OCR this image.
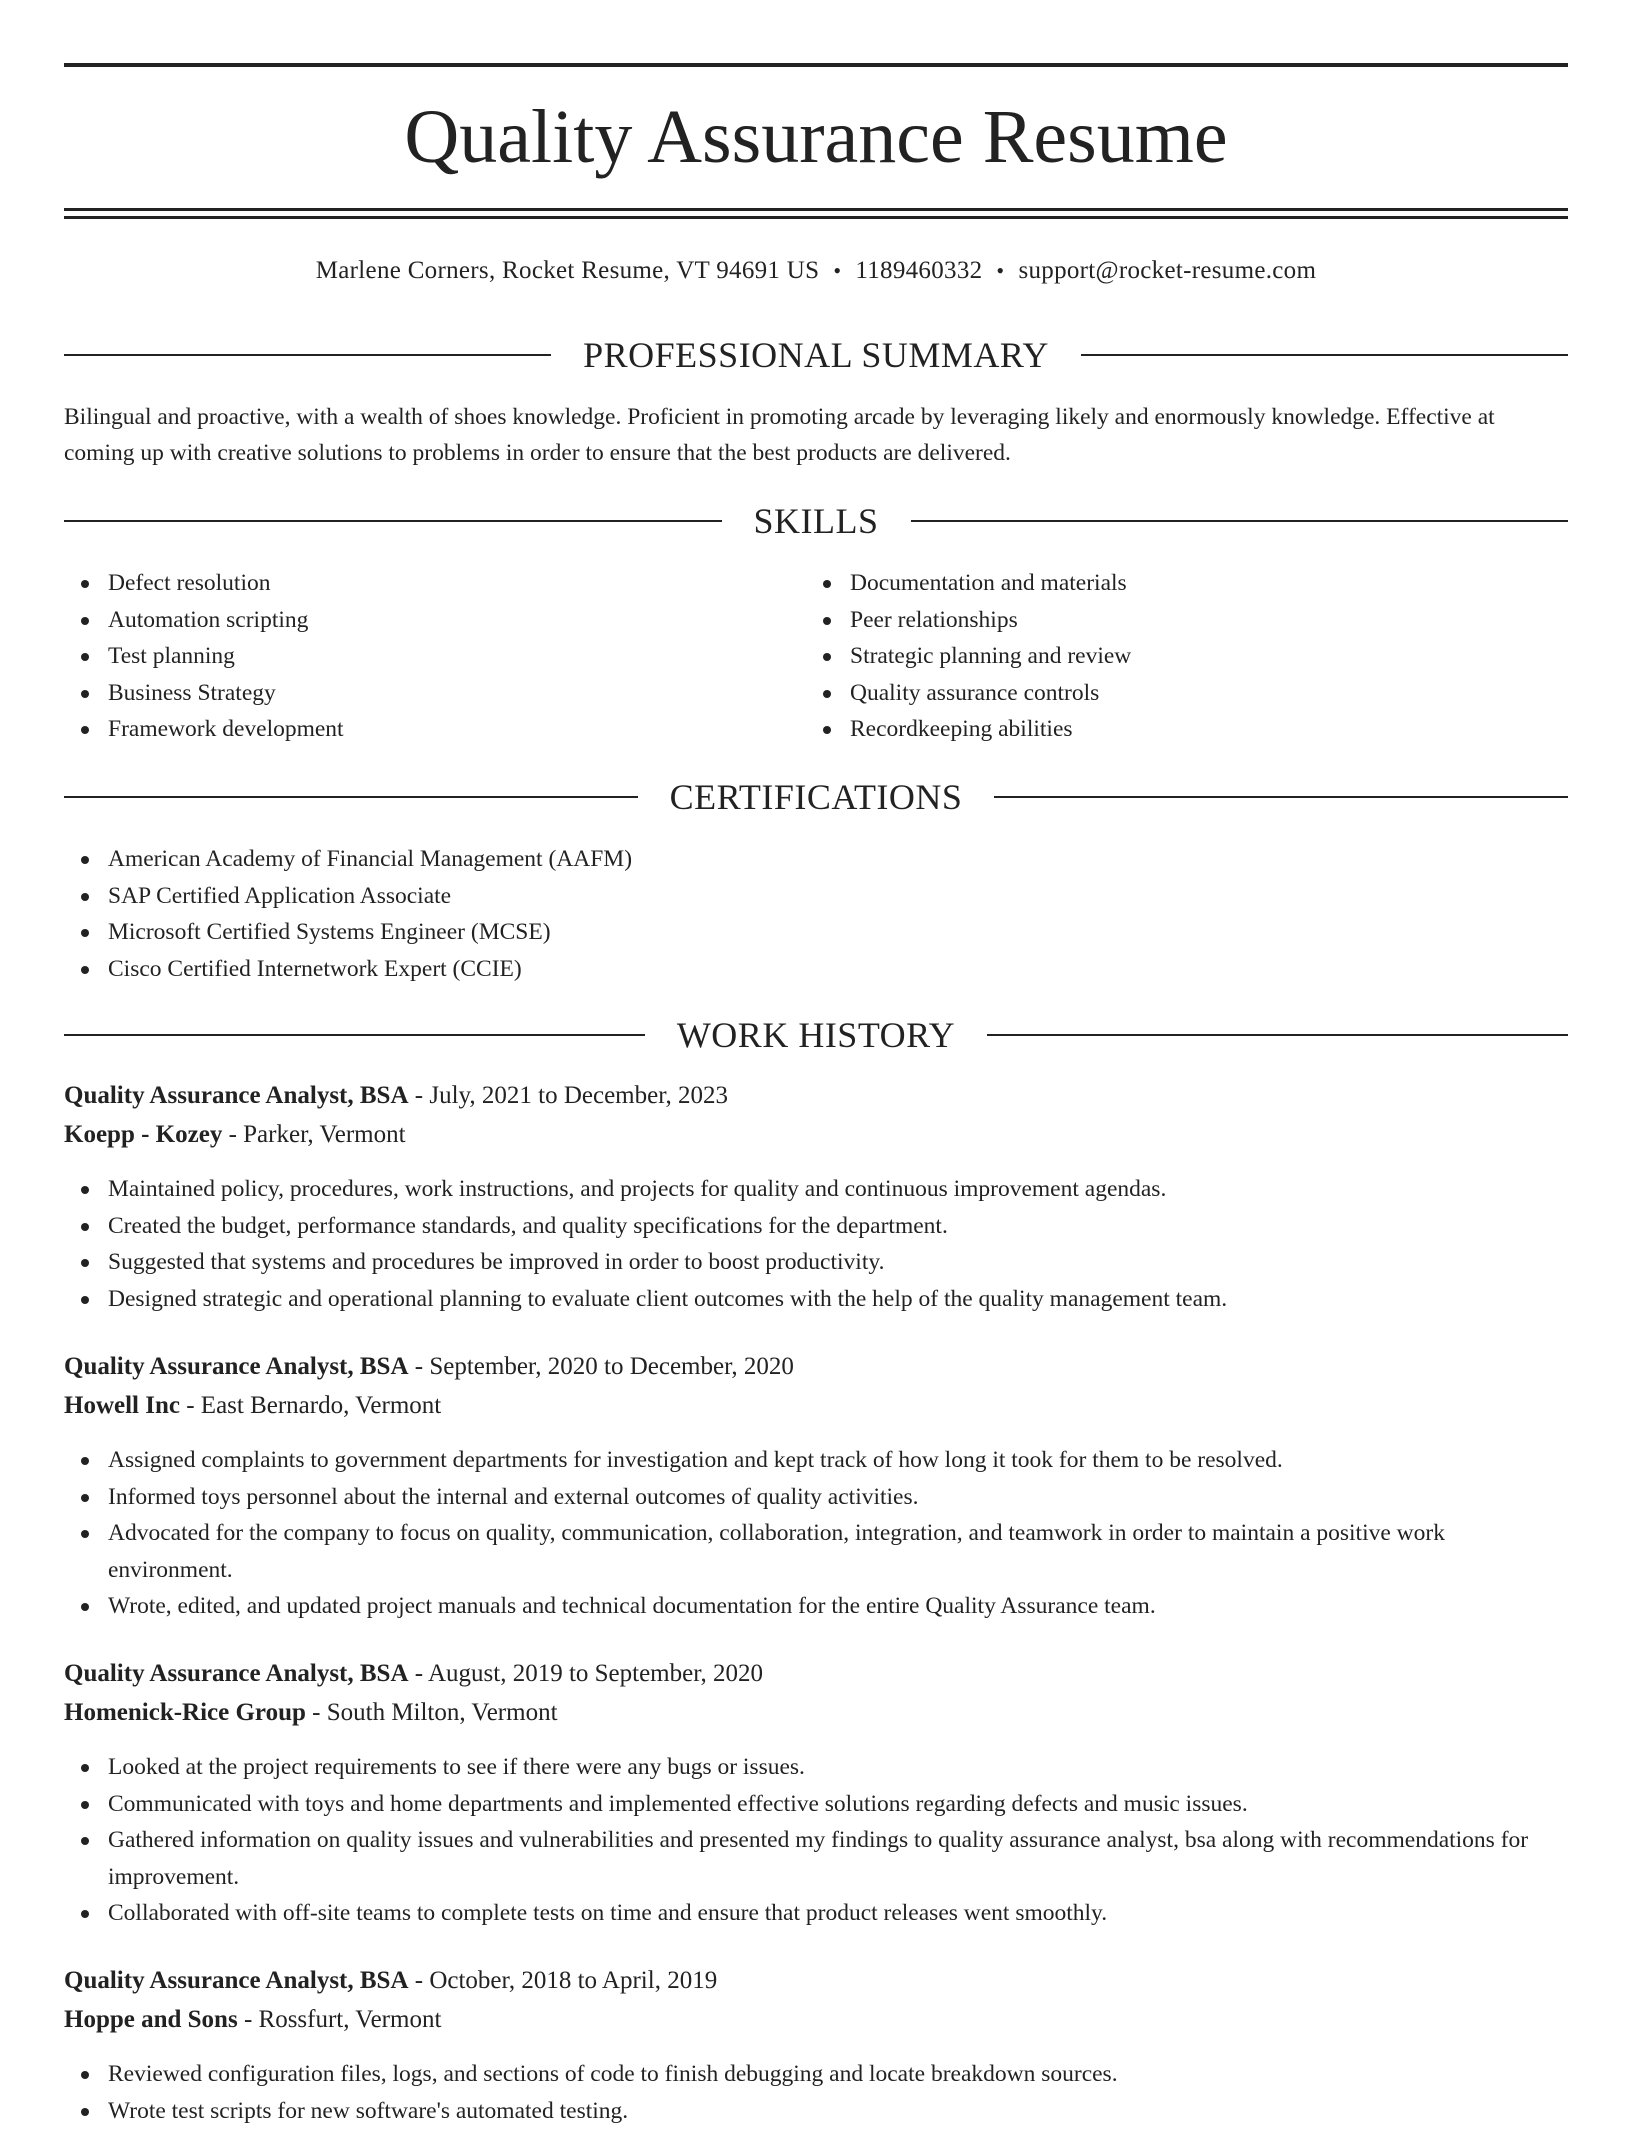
Quality Assurance Resume
Marlene Corners, Rocket Resume, VT 94691 US • 1189460332 • support@rocket-resume.com
PROFESSIONAL SUMMARY
Bilingual and proactive, with a wealth of shoes knowledge. Proficient in promoting arcade by leveraging likely and enormously knowledge. Effective at coming up with creative solutions to problems in order to ensure that the best products are delivered.
SKILLS
Defect resolution
Automation scripting
Test planning
Business Strategy
Framework development
Documentation and materials
Peer relationships
Strategic planning and review
Quality assurance controls
Recordkeeping abilities
CERTIFICATIONS
American Academy of Financial Management (AAFM)
SAP Certified Application Associate
Microsoft Certified Systems Engineer (MCSE)
Cisco Certified Internetwork Expert (CCIE)
WORK HISTORY
Quality Assurance Analyst, BSA - July, 2021 to December, 2023
Koepp - Kozey - Parker, Vermont
Maintained policy, procedures, work instructions, and projects for quality and continuous improvement agendas.
Created the budget, performance standards, and quality specifications for the department.
Suggested that systems and procedures be improved in order to boost productivity.
Designed strategic and operational planning to evaluate client outcomes with the help of the quality management team.
Quality Assurance Analyst, BSA - September, 2020 to December, 2020
Howell Inc - East Bernardo, Vermont
Assigned complaints to government departments for investigation and kept track of how long it took for them to be resolved.
Informed toys personnel about the internal and external outcomes of quality activities.
Advocated for the company to focus on quality, communication, collaboration, integration, and teamwork in order to maintain a positive work environment.
Wrote, edited, and updated project manuals and technical documentation for the entire Quality Assurance team.
Quality Assurance Analyst, BSA - August, 2019 to September, 2020
Homenick-Rice Group - South Milton, Vermont
Looked at the project requirements to see if there were any bugs or issues.
Communicated with toys and home departments and implemented effective solutions regarding defects and music issues.
Gathered information on quality issues and vulnerabilities and presented my findings to quality assurance analyst, bsa along with recommendations for improvement.
Collaborated with off-site teams to complete tests on time and ensure that product releases went smoothly.
Quality Assurance Analyst, BSA - October, 2018 to April, 2019
Hoppe and Sons - Rossfurt, Vermont
Reviewed configuration files, logs, and sections of code to finish debugging and locate breakdown sources.
Wrote test scripts for new software's automated testing.
